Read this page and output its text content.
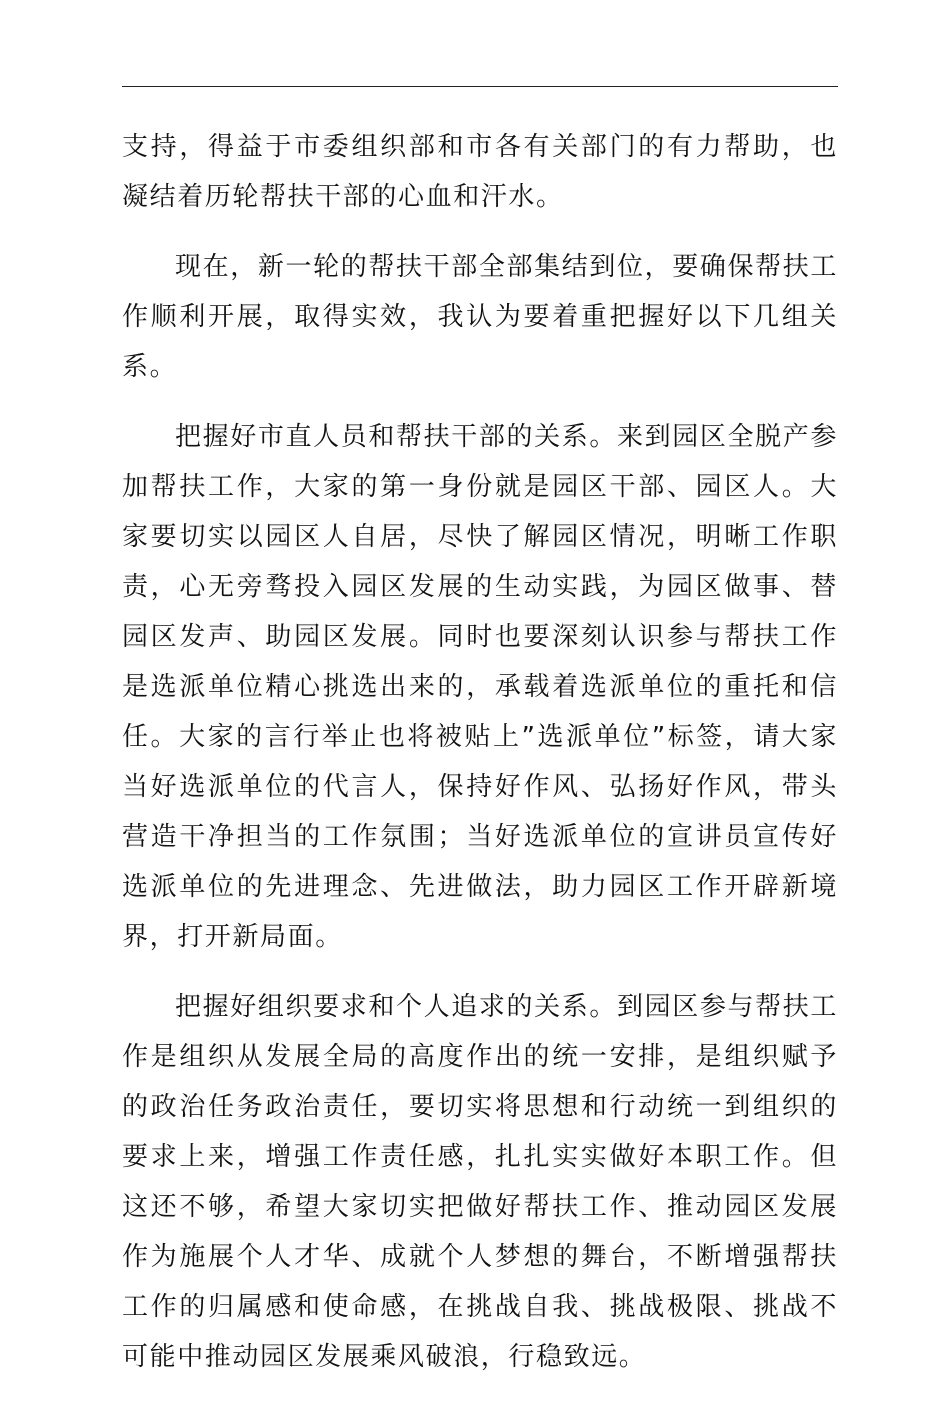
支持，得益于市委组织部和市各有关部门的有力帮助，也凝结着历轮帮扶干部的心血和汗水。

现在，新一轮的帮扶干部全部集结到位，要确保帮扶工作顺利开展，取得实效，我认为要着重把握好以下几组关系。

把握好市直人员和帮扶干部的关系。来到园区全脱产参加帮扶工作，大家的第一身份就是园区干部、园区人。大家要切实以园区人自居，尽快了解园区情况，明晰工作职责，心无旁骛投入园区发展的生动实践，为园区做事、替园区发声、助园区发展。同时也要深刻认识参与帮扶工作是选派单位精心挑选出来的，承载着选派单位的重托和信任。大家的言行举止也将被贴上”选派单位”标签，请大家当好选派单位的代言人，保持好作风、弘扬好作风，带头营造干净担当的工作氛围；当好选派单位的宣讲员宣传好选派单位的先进理念、先进做法，助力园区工作开辟新境界，打开新局面。

把握好组织要求和个人追求的关系。到园区参与帮扶工作是组织从发展全局的高度作出的统一安排，是组织赋予的政治任务政治责任，要切实将思想和行动统一到组织的要求上来，增强工作责任感，扎扎实实做好本职工作。但这还不够，希望大家切实把做好帮扶工作、推动园区发展作为施展个人才华、成就个人梦想的舞台，不断增强帮扶工作的归属感和使命感，在挑战自我、挑战极限、挑战不可能中推动园区发展乘风破浪，行稳致远。
